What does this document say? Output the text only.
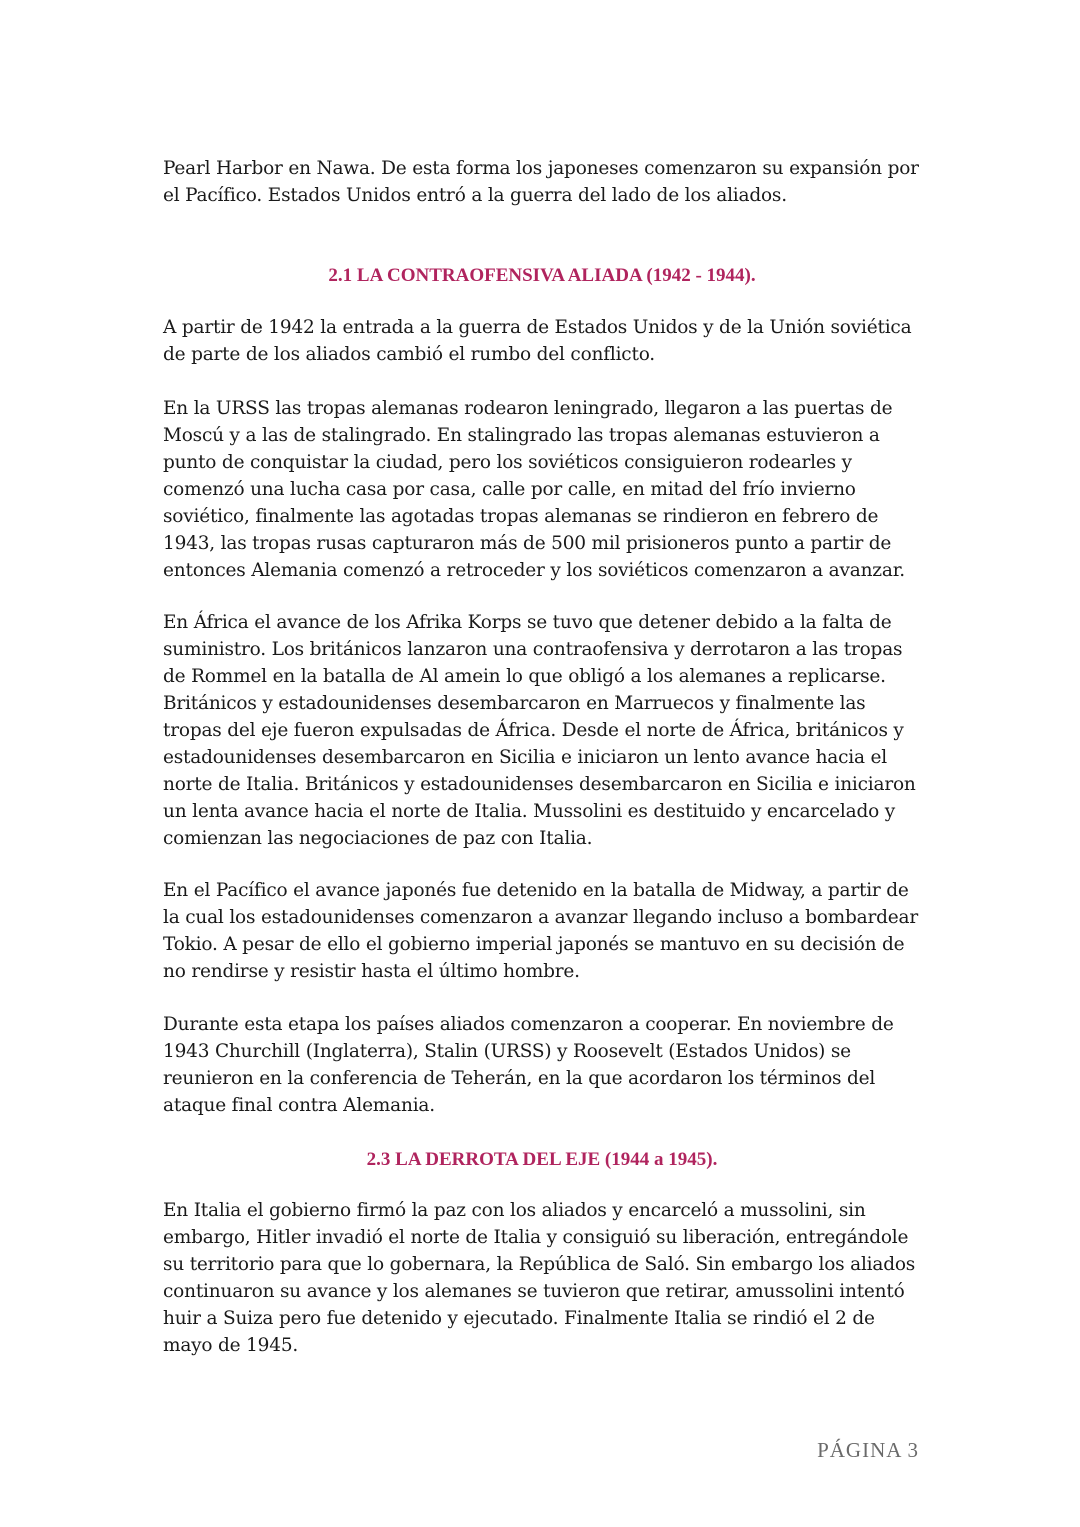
Pearl Harbor en Nawa. De esta forma los japoneses comenzaron su expansión por el Pacífico. Estados Unidos entró a la guerra del lado de los aliados.

2.1 LA CONTRAOFENSIVA ALIADA (1942 - 1944).

A partir de 1942 la entrada a la guerra de Estados Unidos y de la Unión soviética de parte de los aliados cambió el rumbo del conflicto.

En la URSS las tropas alemanas rodearon leningrado, llegaron a las puertas de Moscú y a las de stalingrado. En stalingrado las tropas alemanas estuvieron a punto de conquistar la ciudad, pero los soviéticos consiguieron rodearles y comenzó una lucha casa por casa, calle por calle, en mitad del frío invierno soviético, finalmente las agotadas tropas alemanas se rindieron en febrero de 1943, las tropas rusas capturaron más de 500 mil prisioneros punto a partir de entonces Alemania comenzó a retroceder y los soviéticos comenzaron a avanzar.

En África el avance de los Afrika Korps se tuvo que detener debido a la falta de suministro. Los británicos lanzaron una contraofensiva y derrotaron a las tropas de Rommel en la batalla de Al amein lo que obligó a los alemanes a replicarse. Británicos y estadounidenses desembarcaron en Marruecos y finalmente las tropas del eje fueron expulsadas de África. Desde el norte de África, británicos y estadounidenses desembarcaron en Sicilia e iniciaron un lento avance hacia el norte de Italia. Británicos y estadounidenses desembarcaron en Sicilia e iniciaron un lenta avance hacia el norte de Italia. Mussolini es destituido y encarcelado y comienzan las negociaciones de paz con Italia.

En el Pacífico el avance japonés fue detenido en la batalla de Midway, a partir de la cual los estadounidenses comenzaron a avanzar llegando incluso a bombardear Tokio. A pesar de ello el gobierno imperial japonés se mantuvo en su decisión de no rendirse y resistir hasta el último hombre.

Durante esta etapa los países aliados comenzaron a cooperar. En noviembre de 1943 Churchill (Inglaterra), Stalin (URSS) y Roosevelt (Estados Unidos) se reunieron en la conferencia de Teherán, en la que acordaron los términos del ataque final contra Alemania.

2.3 LA DERROTA DEL EJE (1944 a 1945).

En Italia el gobierno firmó la paz con los aliados y encarceló a mussolini, sin embargo, Hitler invadió el norte de Italia y consiguió su liberación, entregándole su territorio para que lo gobernara, la República de Saló. Sin embargo los aliados continuaron su avance y los alemanes se tuvieron que retirar, amussolini intentó huir a Suiza pero fue detenido y ejecutado. Finalmente Italia se rindió el 2 de mayo de 1945.

PÁGINA 3
